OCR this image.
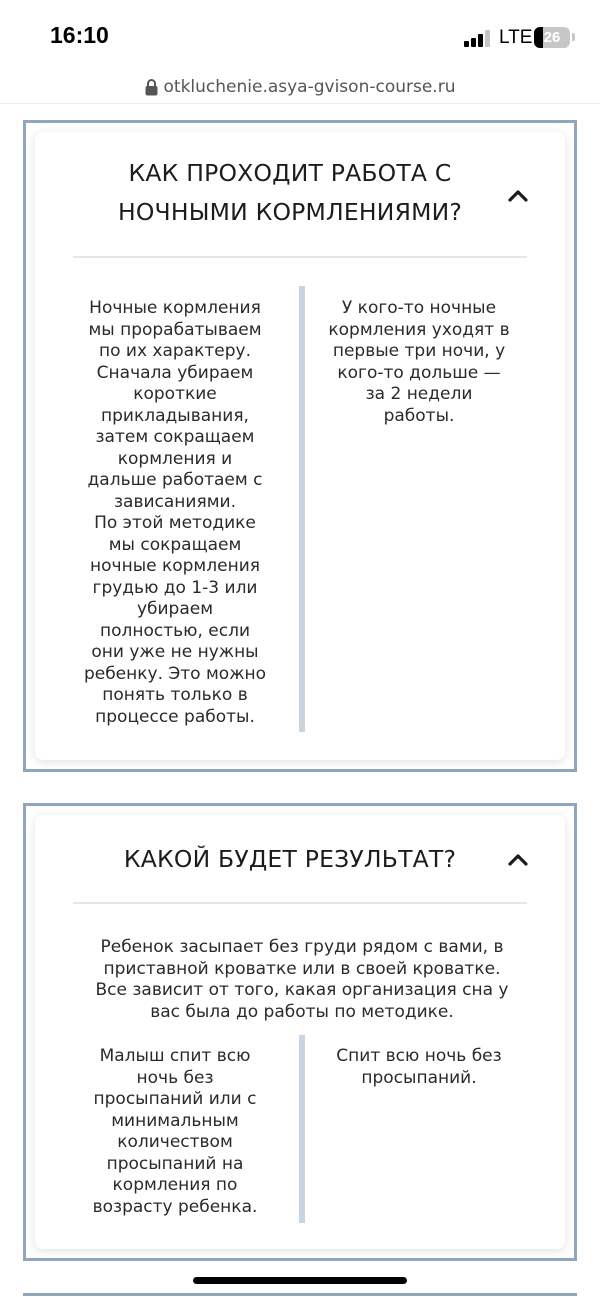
16:10	LTE 26
otkluchenie.asya-gvison-course.ru
КАК ПРОХОДИТ РАБОТА С
НОЧНЫМИ КОРМЛЕНИЯМИ?
Ночные кормления
мы прорабатываем
по их характеру.
Сначала убираем
короткие
прикладывания,
затем сокращаем
кормления и
дальше работаем с
зависаниями.
По этой методике
мы сокращаем
ночные кормления
грудью до 1-3 или
убираем
полностью, если
они уже не нужны
ребенку. Это можно
понять только в
процессе работы.
У кого-то ночные
кормления уходят в
первые три ночи, у
кого-то дольше —
за 2 недели
работы.
КАКОЙ БУДЕТ РЕЗУЛЬТАТ?
Ребенок засыпает без груди рядом с вами, в
приставной кроватке или в своей кроватке.
Все зависит от того, какая организация сна у
вас была до работы по методике.
Малыш спит всю
ночь без
просыпаний или с
минимальным
количеством
просыпаний на
кормления по
возрасту ребенка.
Спит всю ночь без
просыпаний.
